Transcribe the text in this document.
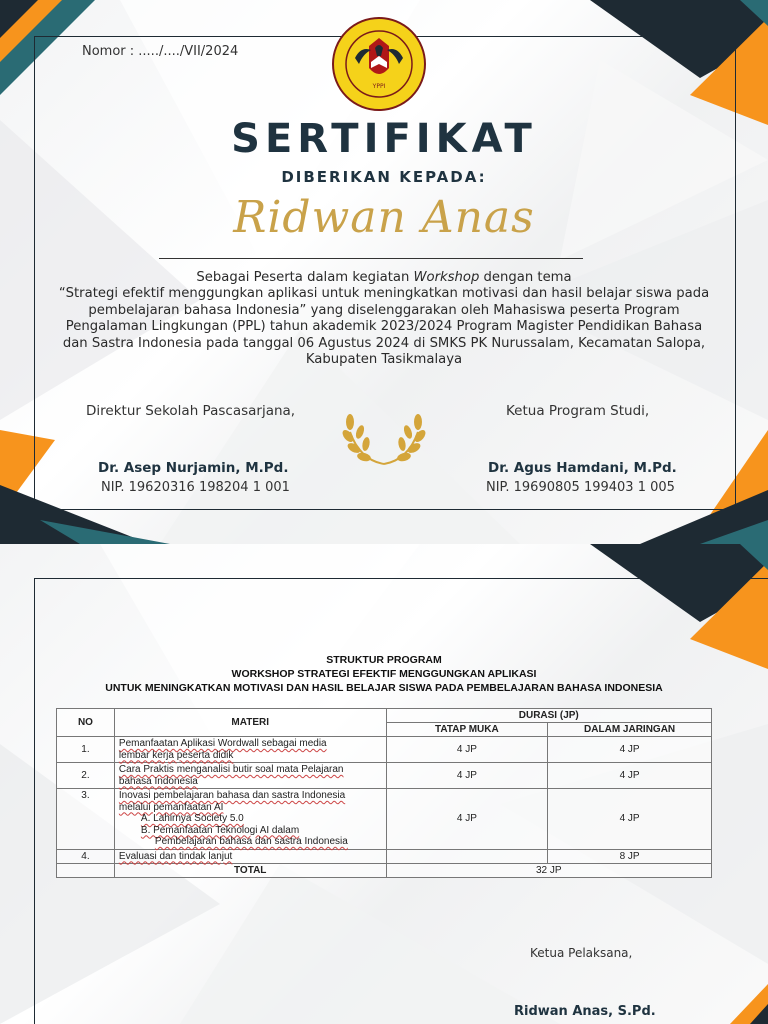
Nomor : ...../..../VII/2024
YPPI
SERTIFIKAT
DIBERIKAN KEPADA:
Ridwan Anas

Sebagai Peserta dalam kegiatan Workshop dengan tema

“Strategi efektif menggungkan aplikasi untuk meningkatkan motivasi dan hasil belajar siswa pada

pembelajaran bahasa Indonesia” yang diselenggarakan oleh Mahasiswa peserta Program

Pengalaman Lingkungan (PPL) tahun akademik 2023/2024 Program Magister Pendidikan Bahasa

dan Sastra Indonesia pada tanggal 06 Agustus 2024 di SMKS PK Nurussalam, Kecamatan Salopa,

Kabupaten Tasikmalaya

Direktur Sekolah Pascasarjana,	Ketua Program Studi,
Dr. Asep Nurjamin, M.Pd.
NIP. 19620316 198204 1 001
Dr. Agus Hamdani, M.Pd.
NIP. 19690805 199403 1 005
STRUKTUR PROGRAM
WORKSHOP STRATEGI EFEKTIF MENGGUNGKAN APLIKASI
UNTUK MENINGKATKAN MOTIVASI DAN HASIL BELAJAR SISWA PADA PEMBELAJARAN BAHASA INDONESIA
NO	MATERI	DURASI (JP)	
		TATAP MUKA	DALAM JARINGAN
1.	Pemanfaatan Aplikasi Wordwall sebagai media
lembar kerja peserta didik	4 JP	4 JP
2.	Cara Praktis menganalisi butir soal mata Pelajaran
bahasa Indonesia	4 JP	4 JP
3.	Inovasi pembelajaran bahasa dan sastra Indonesia
melalui pemanfaatan AI
A. Lahirnya Society 5.0
B. Pemanfaatan Teknologi AI dalam
Pembelajaran bahasa dan sastra Indonesia	4 JP	4 JP
4.	Evaluasi dan tindak lanjut		8 JP
	TOTAL	32 JP	
Ketua Pelaksana,
Ridwan Anas, S.Pd.
